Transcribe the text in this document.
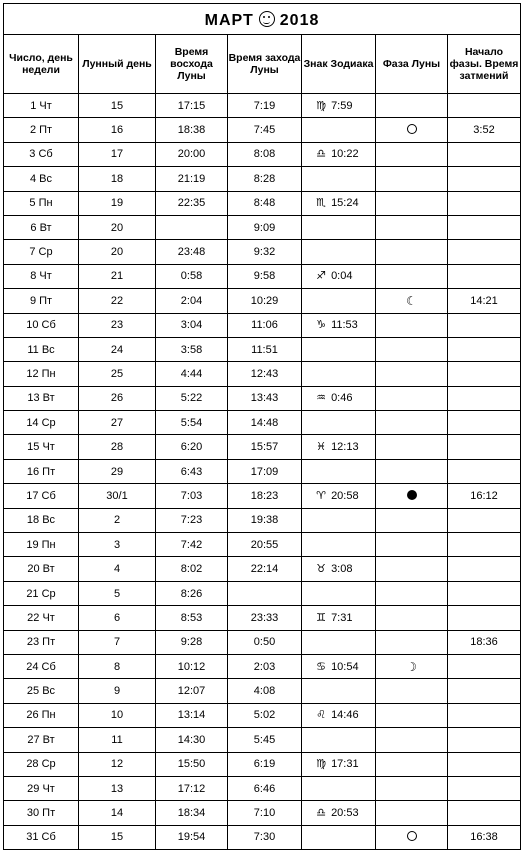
МАРТ 2018						
Число, день недели	Лунный день	Время восхода Луны	Время захода Луны	Знак Зодиака	Фаза Луны	Начало фазы. Время затмений
1 Чт	15	17:15	7:19	♍ 7:59		
2 Пт	16	18:38	7:45			3:52
3 Сб	17	20:00	8:08	♎ 10:22		
4 Вс	18	21:19	8:28			
5 Пн	19	22:35	8:48	♏ 15:24		
6 Вт	20		9:09			
7 Ср	20	23:48	9:32			
8 Чт	21	0:58	9:58	♐ 0:04		
9 Пт	22	2:04	10:29		☾	14:21
10 Сб	23	3:04	11:06	♑ 11:53		
11 Вс	24	3:58	11:51			
12 Пн	25	4:44	12:43			
13 Вт	26	5:22	13:43	♒ 0:46		
14 Ср	27	5:54	14:48			
15 Чт	28	6:20	15:57	♓ 12:13		
16 Пт	29	6:43	17:09			
17 Сб	30/1	7:03	18:23	♈ 20:58		16:12
18 Вс	2	7:23	19:38			
19 Пн	3	7:42	20:55			
20 Вт	4	8:02	22:14	♉ 3:08		
21 Ср	5	8:26				
22 Чт	6	8:53	23:33	♊ 7:31		
23 Пт	7	9:28	0:50			18:36
24 Сб	8	10:12	2:03	♋ 10:54	☽	
25 Вс	9	12:07	4:08			
26 Пн	10	13:14	5:02	♌ 14:46		
27 Вт	11	14:30	5:45			
28 Ср	12	15:50	6:19	♍ 17:31		
29 Чт	13	17:12	6:46			
30 Пт	14	18:34	7:10	♎ 20:53		
31 Сб	15	19:54	7:30			16:38
